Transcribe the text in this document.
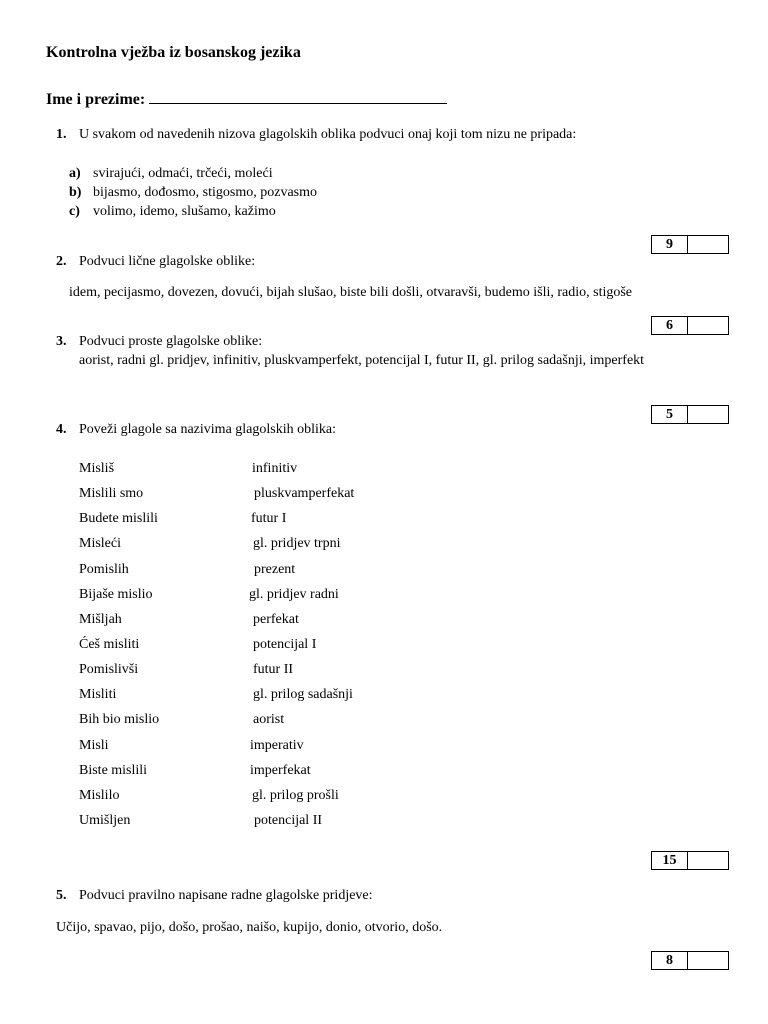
Kontrolna vježba iz bosanskog jezika
Ime i prezime:
1. U svakom od navedenih nizova glagolskih oblika podvuci onaj koji tom nizu ne pripada:
a) svirajući, odmaći, trčeći, moleći
b) bijasmo, dođosmo, stigosmo, pozvasmo
c) volimo, idemo, slušamo, kažimo
9
2. Podvuci lične glagolske oblike:
idem, pecijasmo, dovezen, dovući, bijah slušao, biste bili došli, otvaravši, budemo išli, radio, stigoše
6
3. Podvuci proste glagolske oblike:
aorist, radni gl. pridjev, infinitiv, pluskvamperfekt, potencijal I, futur II, gl. prilog sadašnji, imperfekt
5
4. Poveži glagole sa nazivima glagolskih oblika:
Misliš	infinitiv
Mislili smo	pluskvamperfekat
Budete mislili	futur I
Misleći	gl. pridjev trpni
Pomislih	prezent
Bijaše mislio	gl. pridjev radni
Mišljah	perfekat
Ćeš misliti	potencijal I
Pomislivši	futur II
Misliti	gl. prilog sadašnji
Bih bio mislio	aorist
Misli	imperativ
Biste mislili	imperfekat
Mislilo	gl. prilog prošli
Umišljen	potencijal II
15
5. Podvuci pravilno napisane radne glagolske pridjeve:
Učijo, spavao, pijo, došo, prošao, naišo, kupijo, donio, otvorio, došo.
8
